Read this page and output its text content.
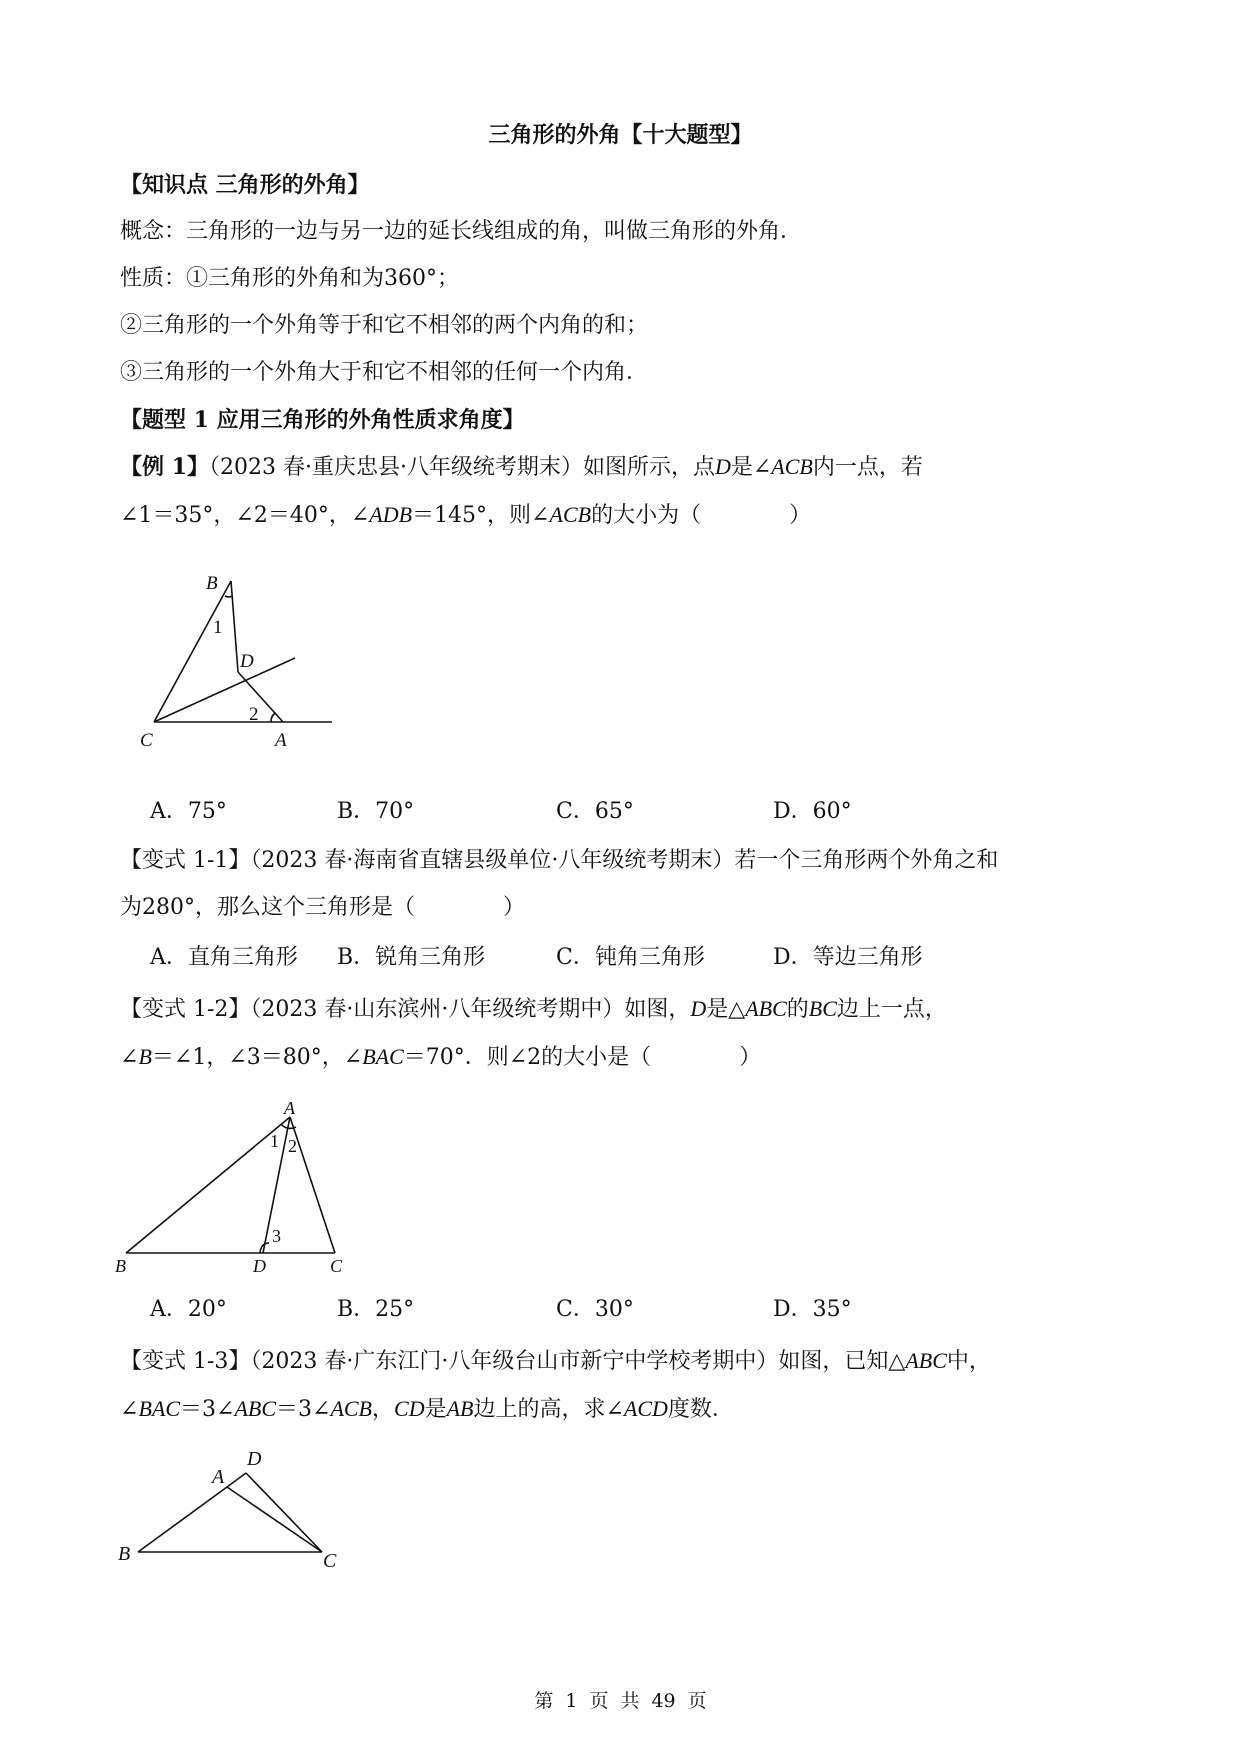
三角形的外角【十大题型】
【知识点 三角形的外角】
概念：三角形的一边与另一边的延长线组成的角，叫做三角形的外角．
性质：①三角形的外角和为360°；
②三角形的一个外角等于和它不相邻的两个内角的和；
③三角形的一个外角大于和它不相邻的任何一个内角．
【题型 1 应用三角形的外角性质求角度】
【例 1】（2023 春·重庆忠县·八年级统考期末）如图所示，点D是∠ACB内一点，若
∠1＝35°，∠2＝40°，∠ADB＝145°，则∠ACB的大小为（　　　　）
B
1
D
2
C	A
A．75°	B．70°	C．65°	D．60°
【变式 1-1】（2023 春·海南省直辖县级单位·八年级统考期末）若一个三角形两个外角之和
为280°，那么这个三角形是（　　　　）
A．直角三角形 B．锐角三角形	C．钝角三角形	D．等边三角形
【变式 1-2】（2023 春·山东滨州·八年级统考期中）如图，D是△ABC的BC边上一点，
∠B＝∠1，∠3＝80°，∠BAC＝70°．则∠2的大小是（　　　　）
A
1 2
3
B	D	C
A．20°	B．25°	C．30°	D．35°
【变式 1-3】（2023 春·广东江门·八年级台山市新宁中学校考期中）如图，已知△ABC中，
∠BAC＝3∠ABC＝3∠ACB，CD是AB边上的高，求∠ACD度数．
D
A
B	C
第 1 页 共 49 页
